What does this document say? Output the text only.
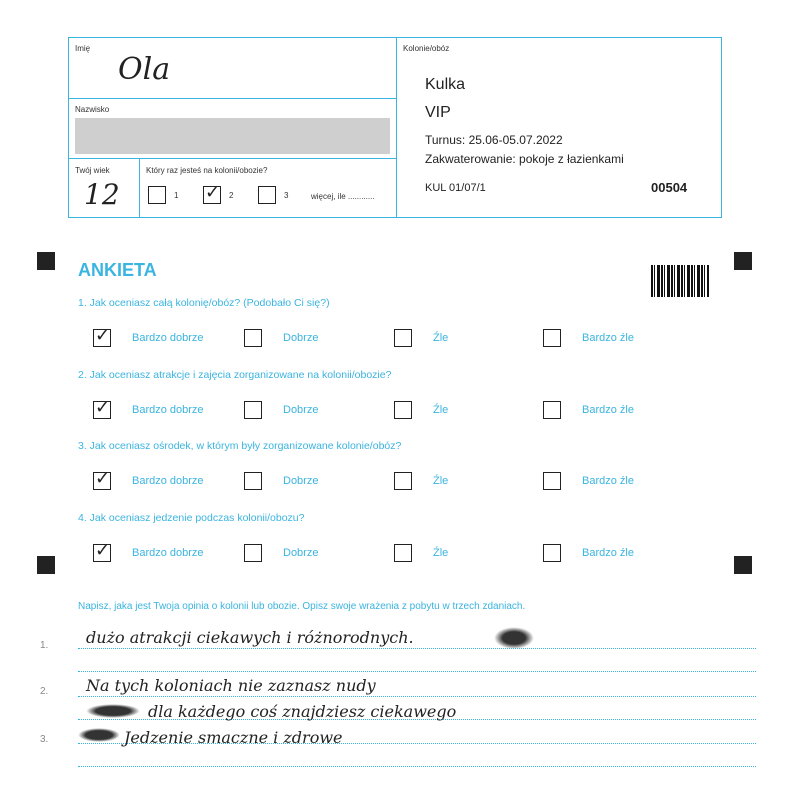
Imię
Ola
Nazwisko
Twój wiek
12
Który raz jesteś na kolonii/obozie?
1
✓	2	3	więcej, ile ............
Kolonie/obóz
Kulka
VIP
Turnus: 25.06-05.07.2022
Zakwaterowanie: pokoje z łazienkami
KUL 01/07/1	00504
ANKIETA
1. Jak oceniasz całą kolonię/obóz? (Podobało Ci się?)
✓
Bardzo dobrze	Dobrze	Źle	Bardzo źle
2. Jak oceniasz atrakcje i zajęcia zorganizowane na kolonii/obozie?
✓
Bardzo dobrze	Dobrze	Źle	Bardzo źle
3. Jak oceniasz ośrodek, w którym były zorganizowane kolonie/obóz?
✓
Bardzo dobrze	Dobrze	Źle	Bardzo źle
4. Jak oceniasz jedzenie podczas kolonii/obozu?
✓
Bardzo dobrze	Dobrze	Źle	Bardzo źle
Napisz, jaka jest Twoja opinia o kolonii lub obozie. Opisz swoje wrażenia z pobytu w trzech zdaniach.
1.
2.
3.
dużo atrakcji ciekawych i różnorodnych.
Na tych koloniach nie zaznasz nudy
dla każdego coś znajdziesz ciekawego
Jedzenie smaczne i zdrowe
